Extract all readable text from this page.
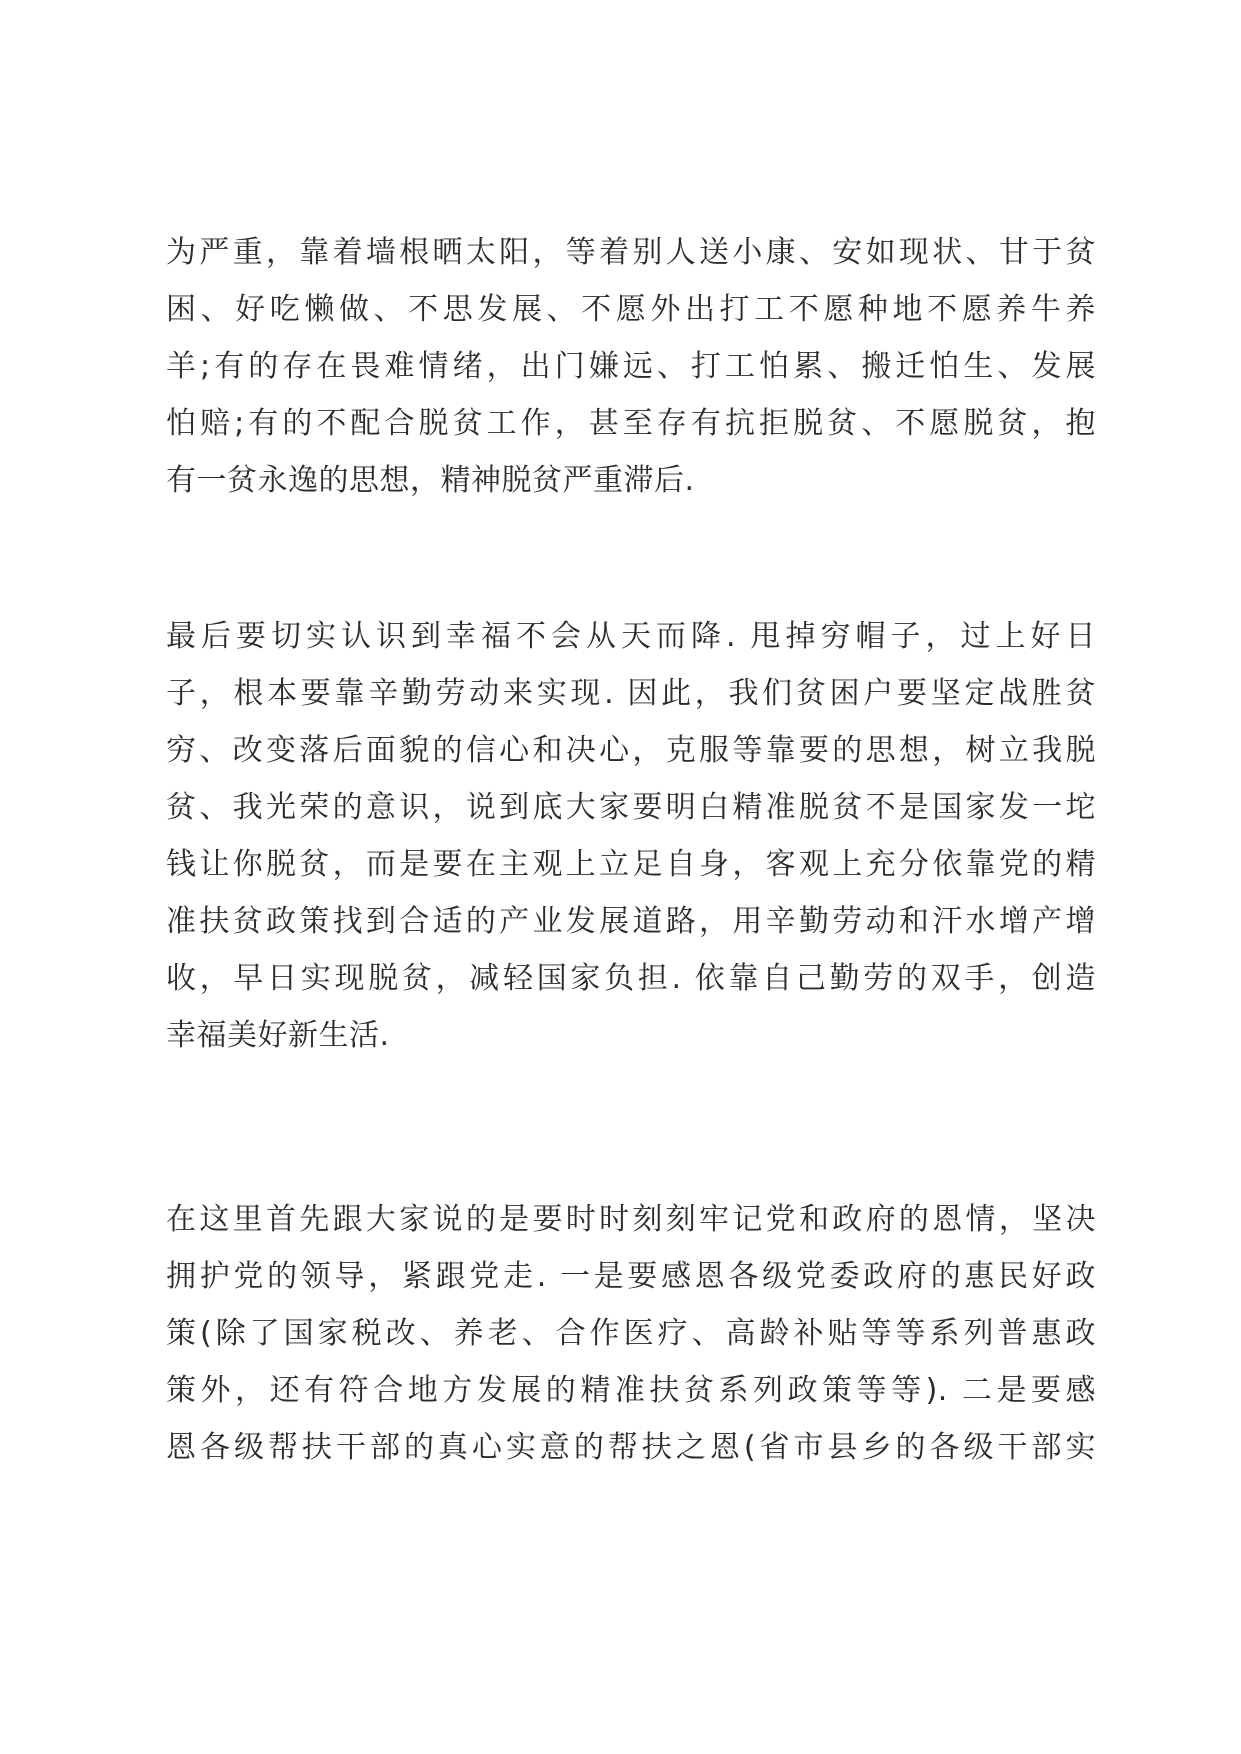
为严重，靠着墙根晒太阳，等着别人送小康、安如现状、甘于贫
困、好吃懒做、不思发展、不愿外出打工不愿种地不愿养牛养
羊;有的存在畏难情绪，出门嫌远、打工怕累、搬迁怕生、发展
怕赔;有的不配合脱贫工作，甚至存有抗拒脱贫、不愿脱贫，抱
有一贫永逸的思想，精神脱贫严重滞后.
最后要切实认识到幸福不会从天而降. 甩掉穷帽子，过上好日
子，根本要靠辛勤劳动来实现. 因此，我们贫困户要坚定战胜贫
穷、改变落后面貌的信心和决心，克服等靠要的思想，树立我脱
贫、我光荣的意识，说到底大家要明白精准脱贫不是国家发一坨
钱让你脱贫，而是要在主观上立足自身，客观上充分依靠党的精
准扶贫政策找到合适的产业发展道路，用辛勤劳动和汗水增产增
收，早日实现脱贫，减轻国家负担. 依靠自己勤劳的双手，创造
幸福美好新生活.
在这里首先跟大家说的是要时时刻刻牢记党和政府的恩情，坚决
拥护党的领导，紧跟党走. 一是要感恩各级党委政府的惠民好政
策(除了国家税改、养老、合作医疗、高龄补贴等等系列普惠政
策外，还有符合地方发展的精准扶贫系列政策等等). 二是要感
恩各级帮扶干部的真心实意的帮扶之恩(省市县乡的各级干部实
